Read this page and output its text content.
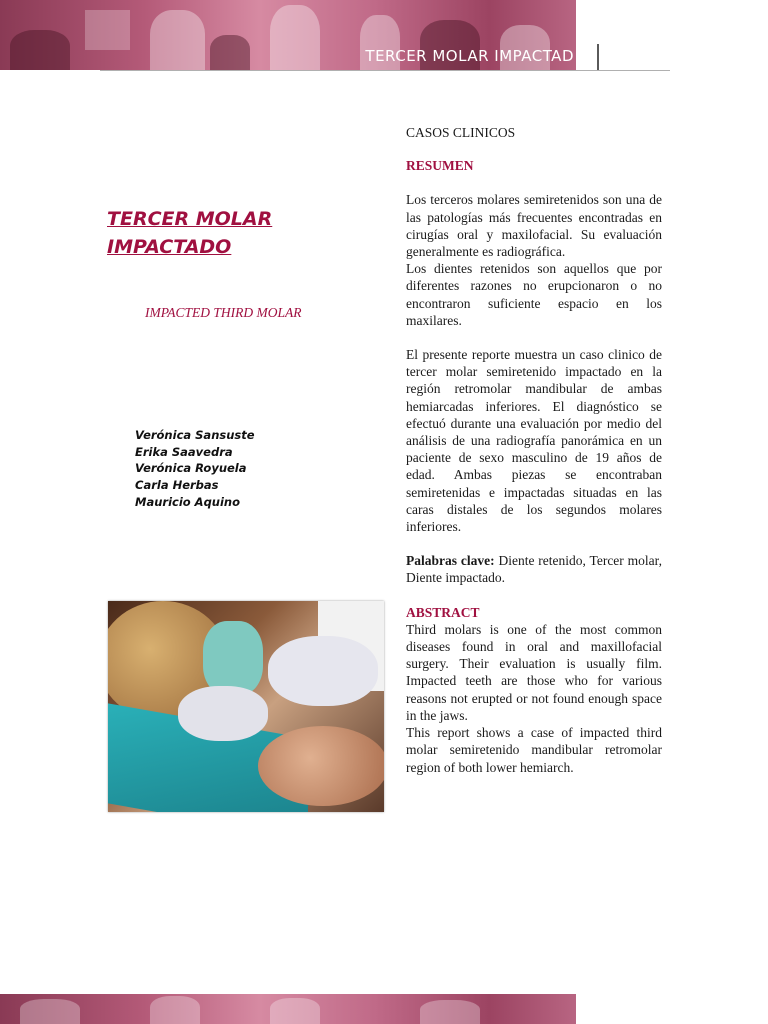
TERCER MOLAR IMPACTAD
TERCER MOLAR
IMPACTADO
IMPACTED THIRD MOLAR
Verónica Sansuste
Erika Saavedra
Verónica Royuela
Carla Herbas
Mauricio Aquino

CASOS CLINICOS

RESUMEN

Los terceros molares semiretenidos son una de las patologías más frecuentes encontradas en cirugías oral y maxilofacial. Su evaluación generalmente es radiográfica.

Los dientes retenidos son aquellos que por diferentes razones no erupcionaron o no encontraron suficiente espacio en los maxilares.

El presente reporte muestra un caso clinico de tercer molar semiretenido impactado en la región retromolar mandibular de ambas hemiarcadas inferiores. El diagnóstico se efectuó durante una evaluación por medio del análisis de una radiografía panorámica en un paciente de sexo masculino de 19 años de edad. Ambas piezas se encontraban semiretenidas e impactadas situadas en las caras distales de los segundos molares inferiores.

Palabras clave: Diente retenido, Tercer molar, Diente impactado.

ABSTRACT

Third molars is one of the most common diseases found in oral and maxillofacial surgery. Their evaluation is usually film. Impacted teeth are those who for various reasons not erupted or not found enough space in the jaws.

This report shows a case of impacted third molar semiretenido mandibular retromolar region of both lower hemiarch.
